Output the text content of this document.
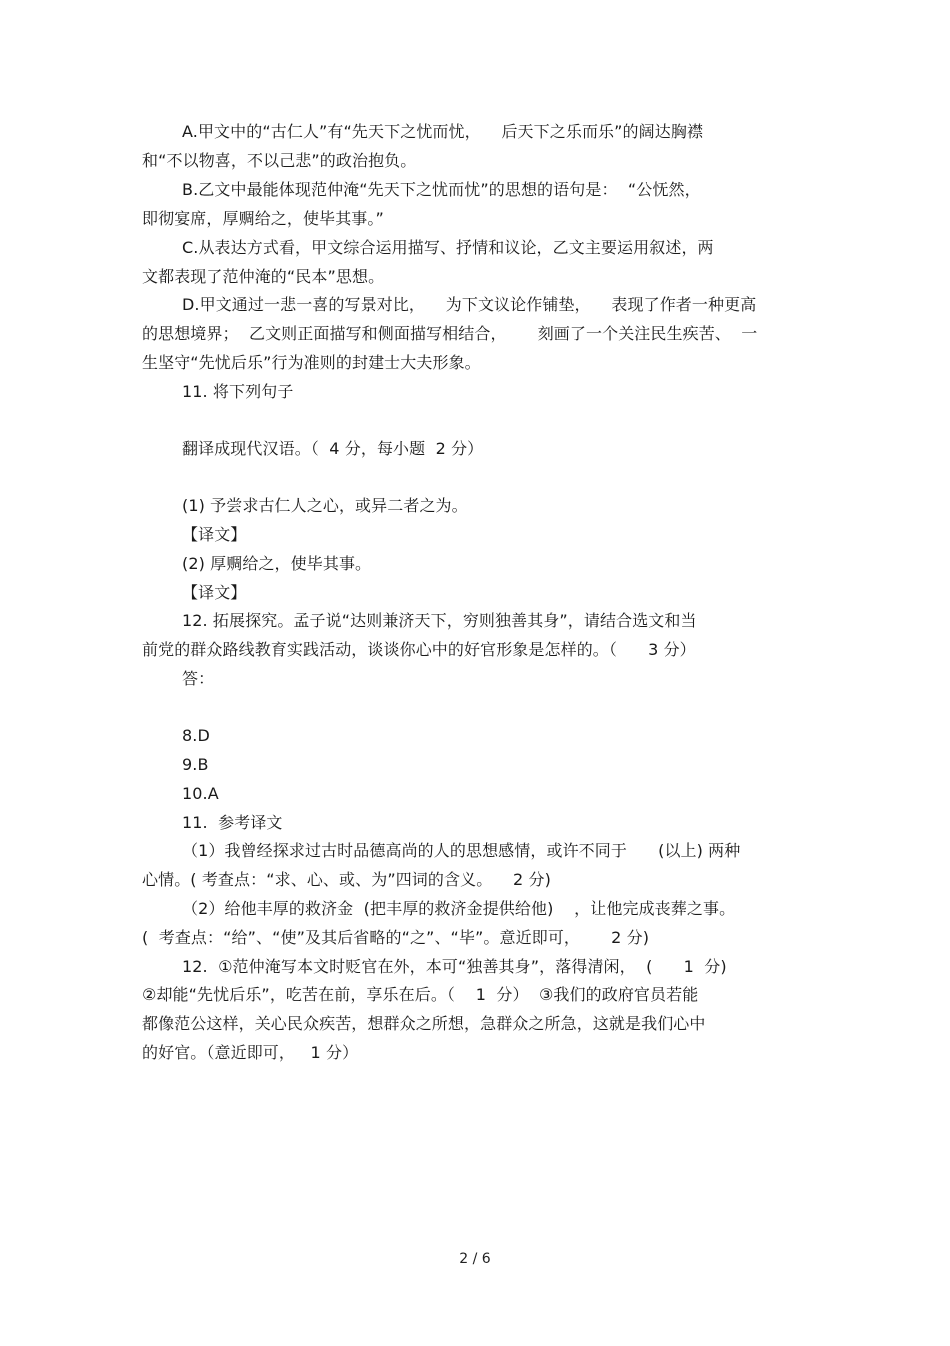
A.甲文中的“古仁人”有“先天下之忧而忧，    后天下之乐而乐”的阔达胸襟
和“不以物喜，不以己悲”的政治抱负。
B.乙文中最能体现范仲淹“先天下之忧而忧”的思想的语句是：  “公怃然，
即彻宴席，厚赒给之，使毕其事。”
C.从表达方式看，甲文综合运用描写、抒情和议论，乙文主要运用叙述，两
文都表现了范仲淹的“民本”思想。
D.甲文通过一悲一喜的写景对比，    为下文议论作铺垫，    表现了作者一种更高
的思想境界；  乙文则正面描写和侧面描写相结合，      刻画了一个关注民生疾苦、  一
生坚守“先忧后乐”行为准则的封建士大夫形象。
11. 将下列句子
翻译成现代汉语。（  4 分，每小题  2 分）
(1) 予尝求古仁人之心，或异二者之为。
【译文】
(2) 厚赒给之，使毕其事。
【译文】
12. 拓展探究。孟子说“达则兼济天下，穷则独善其身”，请结合选文和当
前党的群众路线教育实践活动，谈谈你心中的好官形象是怎样的。（      3 分）
答：
8.D
9.B
10.A
11.  参考译文
（1）我曾经探求过古时品德高尚的人的思想感情，或许不同于      (以上) 两种
心情。( 考查点：“求、心、或、为”四词的含义。    2 分)
（2）给他丰厚的救济金  (把丰厚的救济金提供给他)    ，让他完成丧葬之事。
(  考查点：“给”、“使”及其后省略的“之”、“毕”。意近即可，      2 分)
12.  ①范仲淹写本文时贬官在外，本可“独善其身”，落得清闲，  (      1  分)
②却能“先忧后乐”，吃苦在前，享乐在后。（    1  分）  ③我们的政府官员若能
都像范公这样，关心民众疾苦，想群众之所想，急群众之所急，这就是我们心中
的好官。（意近即可，   1 分）
2 / 6
